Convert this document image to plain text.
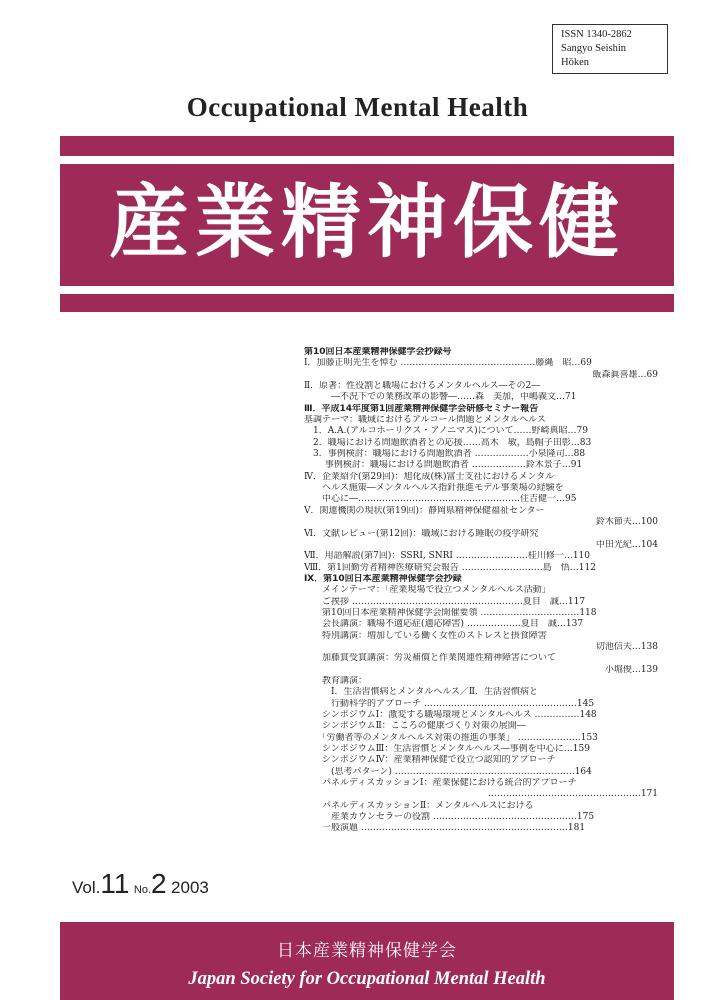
ISSN 1340-2862
Sangyo Seishin
Hōken
Occupational Mental Health
産業精神保健
第10回日本産業精神保健学会抄録号
Ⅰ．加藤正明先生を悼む ………………………………………藤縄　昭…69
飯森眞喜雄…69
Ⅱ．原著：性役割と職場におけるメンタルヘルス―その2―
　　　―不況下での業務改革の影響―……森　美加，中嶋義文…71
Ⅲ．平成14年度第1回産業精神保健学会研修セミナー報告
基調テーマ：職域におけるアルコール問題とメンタルヘルス
　1．A.A.(アルコホーリクス・アノニマス)について……野崎典昭…79
　2．職場における問題飲酒者との応援……高木　敏，島帽子田彰…83
　3．事例検討：職場における問題飲酒者 ………………小泉隆司…88
　　 事例検討：職場における問題飲酒者 ………………鈴木景子…91
Ⅳ．企業紹介(第29回)：旭化成(株)富士支社におけるメンタル
　　ヘルス施策―メンタルヘルス指針推進モデル事業場の経験を
　　中心に―………………………………………………住吉健一…95
Ⅴ．関連機関の現状(第19回)：静岡県精神保健福祉センター
鈴木節夫…100
Ⅵ．文献レビュー(第12回)：職域における睡眠の疫学研究
中田光紀…104
Ⅶ．用語解説(第7回)：SSRI, SNRI ……………………桂川修一…110
Ⅷ．第1回勤労者精神医療研究会報告 ………………………島　悟…112
Ⅸ．第10回日本産業精神保健学会抄録
　　メインテーマ：「産業現場で役立つメンタルヘルス活動」
　　ご挨拶 …………………………………………………夏目　誠…117
　　第10回日本産業精神保健学会開催要領 ……………………………118
　　会長講演：職場不適応症(適応障害) ………………夏目　誠…137
　　特別講演：増加している働く女性のストレスと摂食障害
切池信夫…138
　　加藤賞受賞講演：労災補償と作業関連性精神障害について
小堀俊…139
　　教育講演：
　　　Ⅰ．生活習慣病とメンタルヘルス／Ⅱ．生活習慣病と
　　　行動科学的アプローチ ……………………………………………145
　　シンポジウムⅠ：激変する職場環境とメンタルヘルス ……………148
　　シンポジウムⅡ：こころの健康づくり対策の展開―
　　「労働者等のメンタルヘルス対策の推進の事業」 …………………153
　　シンポジウムⅢ：生活習慣とメンタルヘルス―事例を中心に…159
　　シンポジウムⅣ：産業精神保健で役立つ認知的アプローチ
　　　(思考パターン) ……………………………………………………164
　　パネルディスカッションⅠ：産業保健における統合的アプローチ
……………………………………………171
　　パネルディスカッションⅡ：メンタルヘルスにおける
　　　産業カウンセラーの役割 …………………………………………175
　　一般演題 ……………………………………………………………181
Vol.11 No.2 2003
日本産業精神保健学会
Japan Society for Occupational Mental Health
